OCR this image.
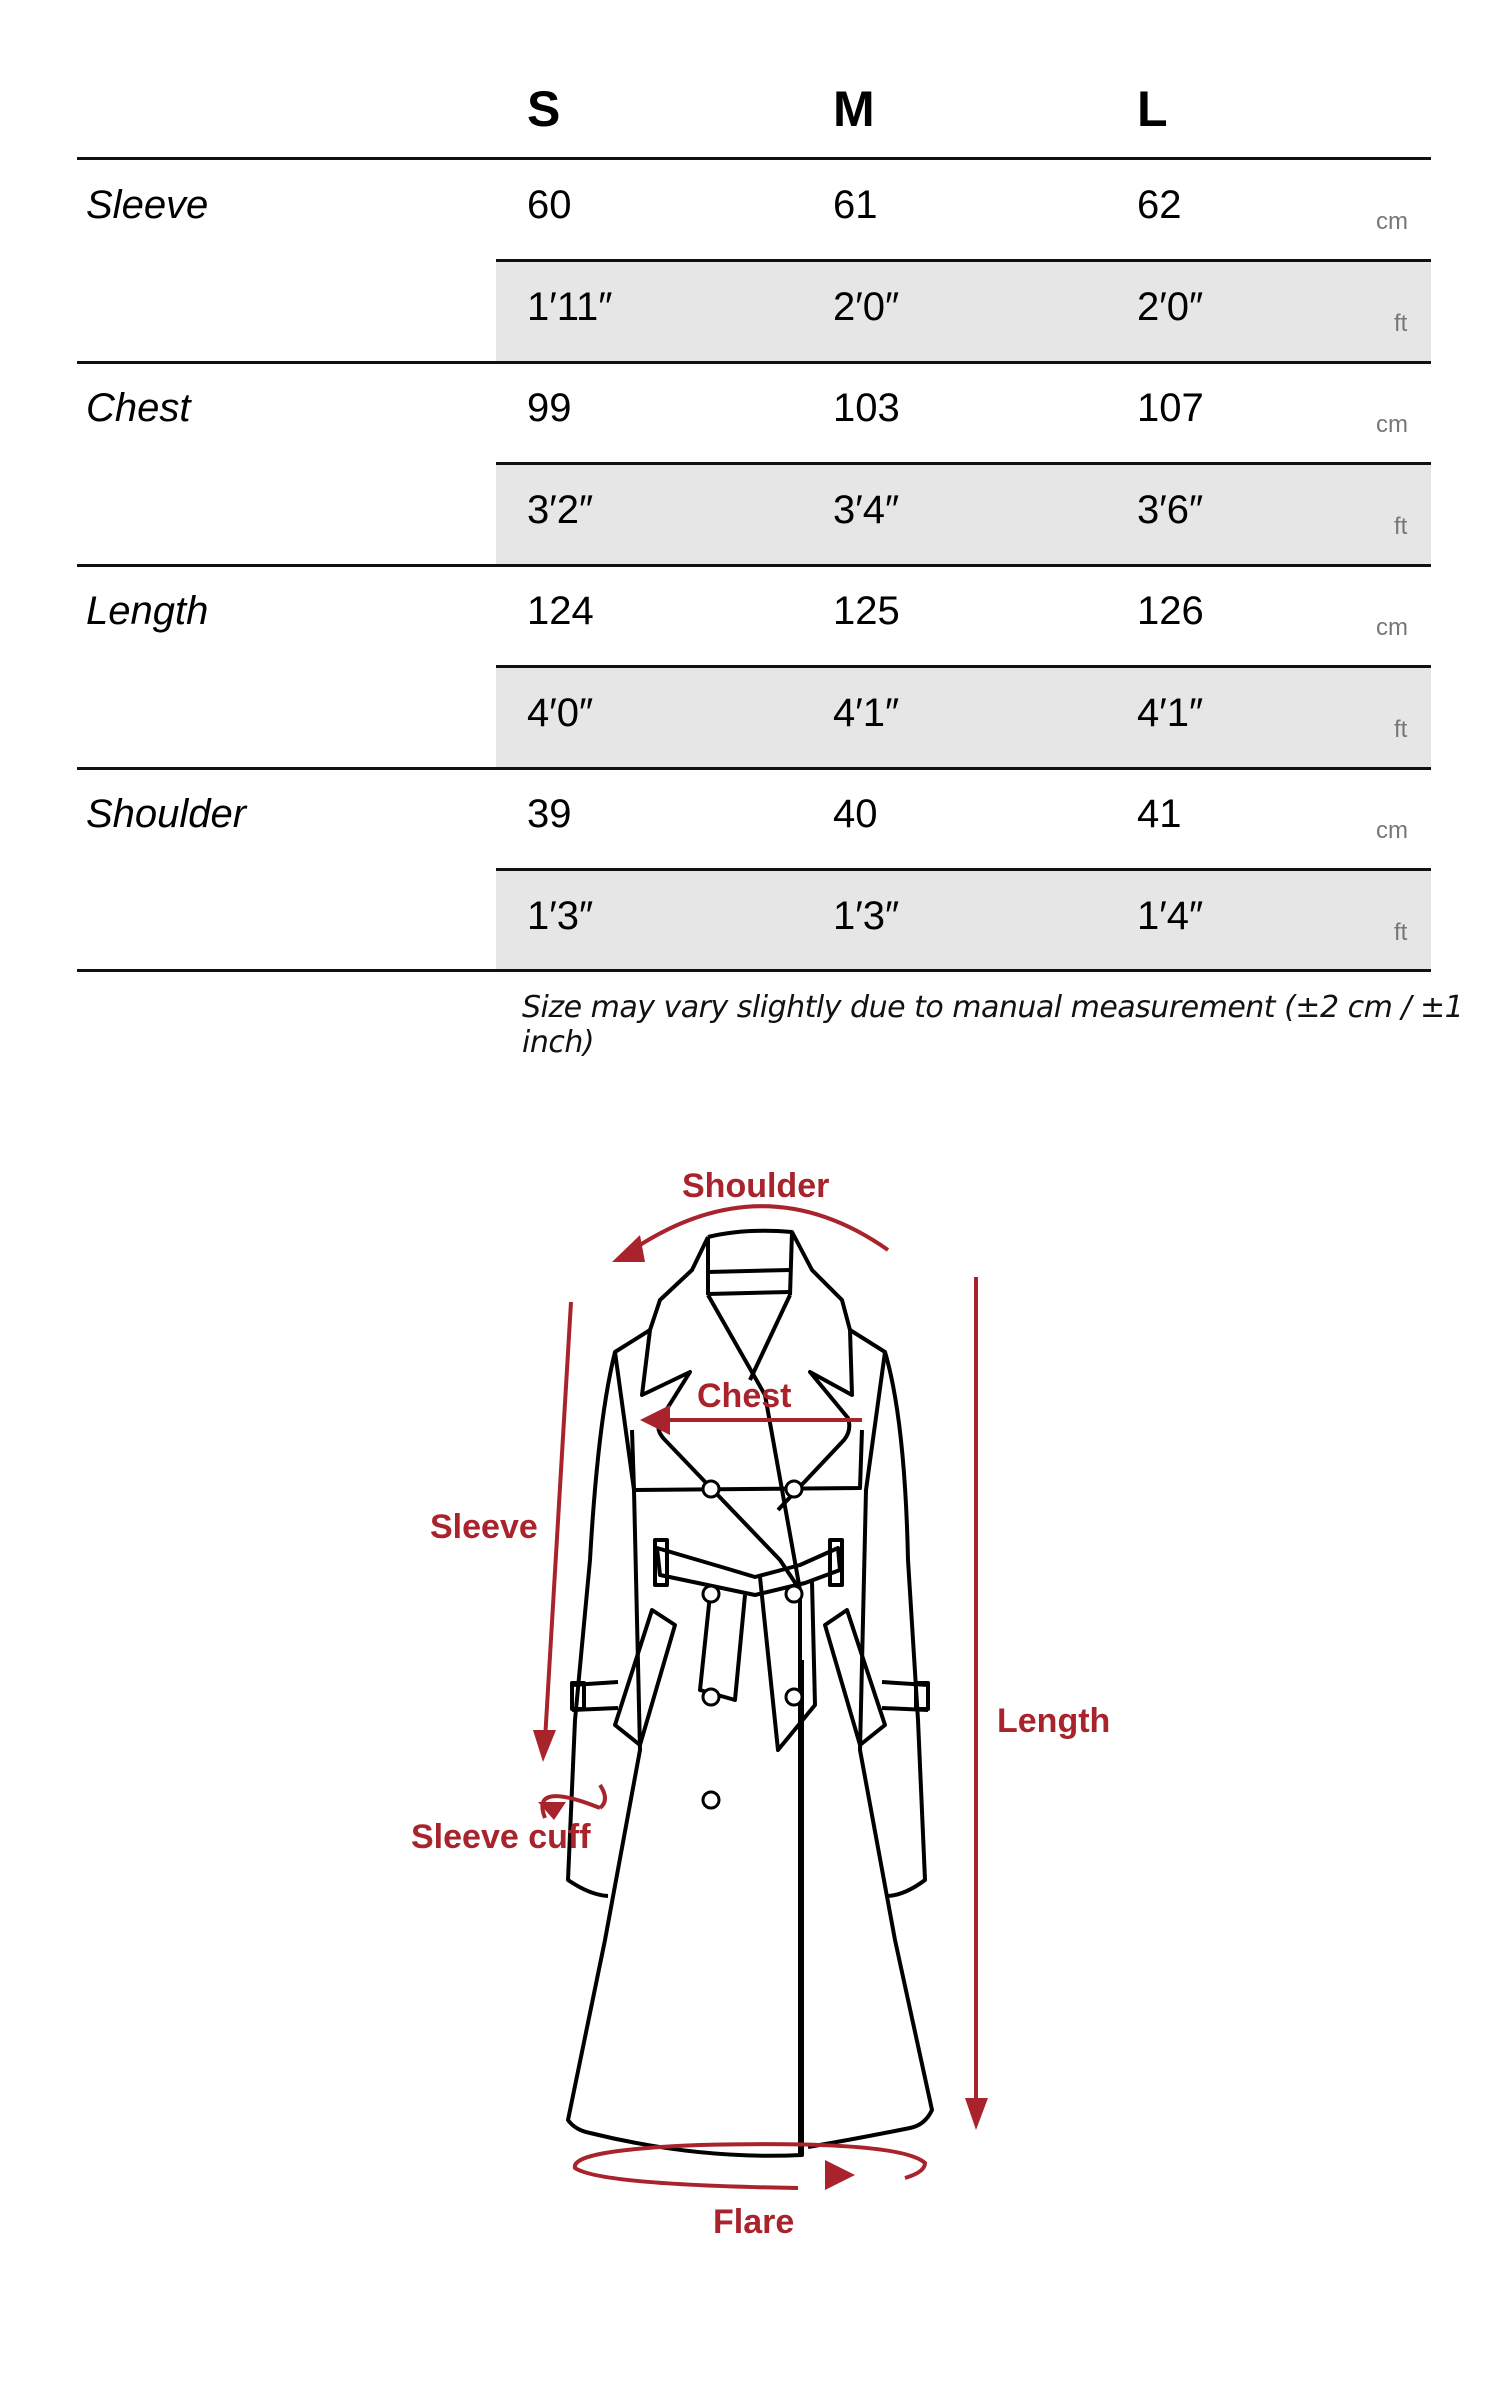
S	M	L
Sleeve	60	61	62	cm
1′11″	2′0″	2′0″	ft
Chest	99	103	107	cm
3′2″	3′4″	3′6″	ft
Length	124	125	126	cm
4′0″	4′1″	4′1″	ft
Shoulder	39	40	41	cm
1′3″	1′3″	1′4″	ft
Size may vary slightly due to manual measurement (±2 cm / ±1 inch)
Shoulder
Chest
Sleeve
Sleeve cuff
Length
Flare
